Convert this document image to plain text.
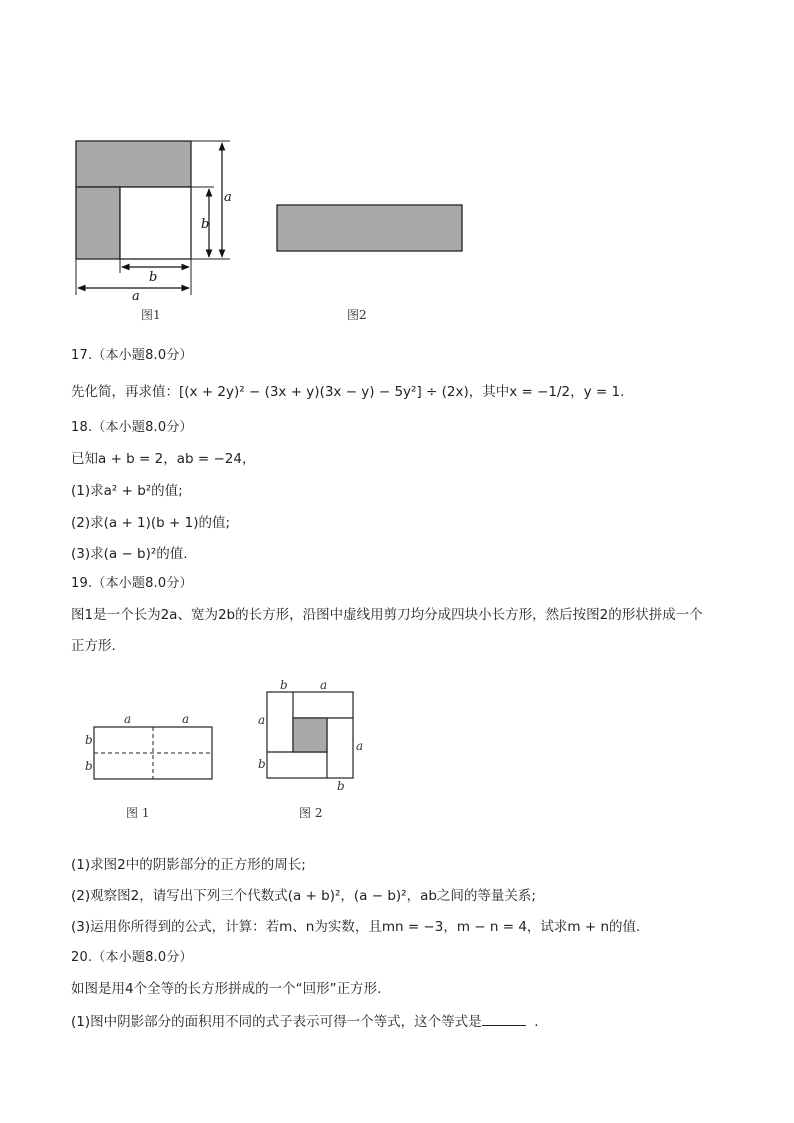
a
b
b
a
图1	图2
17.（本小题8.0分）
先化简，再求值：[(x + 2y)² − (3x + y)(3x − y) − 5y²] ÷ (2x)，其中x = −1/2，y = 1.
18.（本小题8.0分）
已知a + b = 2，ab = −24，
(1)求a² + b²的值;
(2)求(a + 1)(b + 1)的值;
(3)求(a − b)²的值.
19.（本小题8.0分）
图1是一个长为2a、宽为2b的长方形，沿图中虚线用剪刀均分成四块小长方形，然后按图2的形状拼成一个
正方形.
a	a
b
b
b	a
a
a
b
b
图 1	图 2
(1)求图2中的阴影部分的正方形的周长;
(2)观察图2，请写出下列三个代数式(a + b)²，(a − b)²，ab之间的等量关系;
(3)运用你所得到的公式，计算：若m、n为实数，且mn = −3，m − n = 4，试求m + n的值.
20.（本小题8.0分）
如图是用4个全等的长方形拼成的一个“回形”正方形.
(1)图中阴影部分的面积用不同的式子表示可得一个等式，这个等式是	.
